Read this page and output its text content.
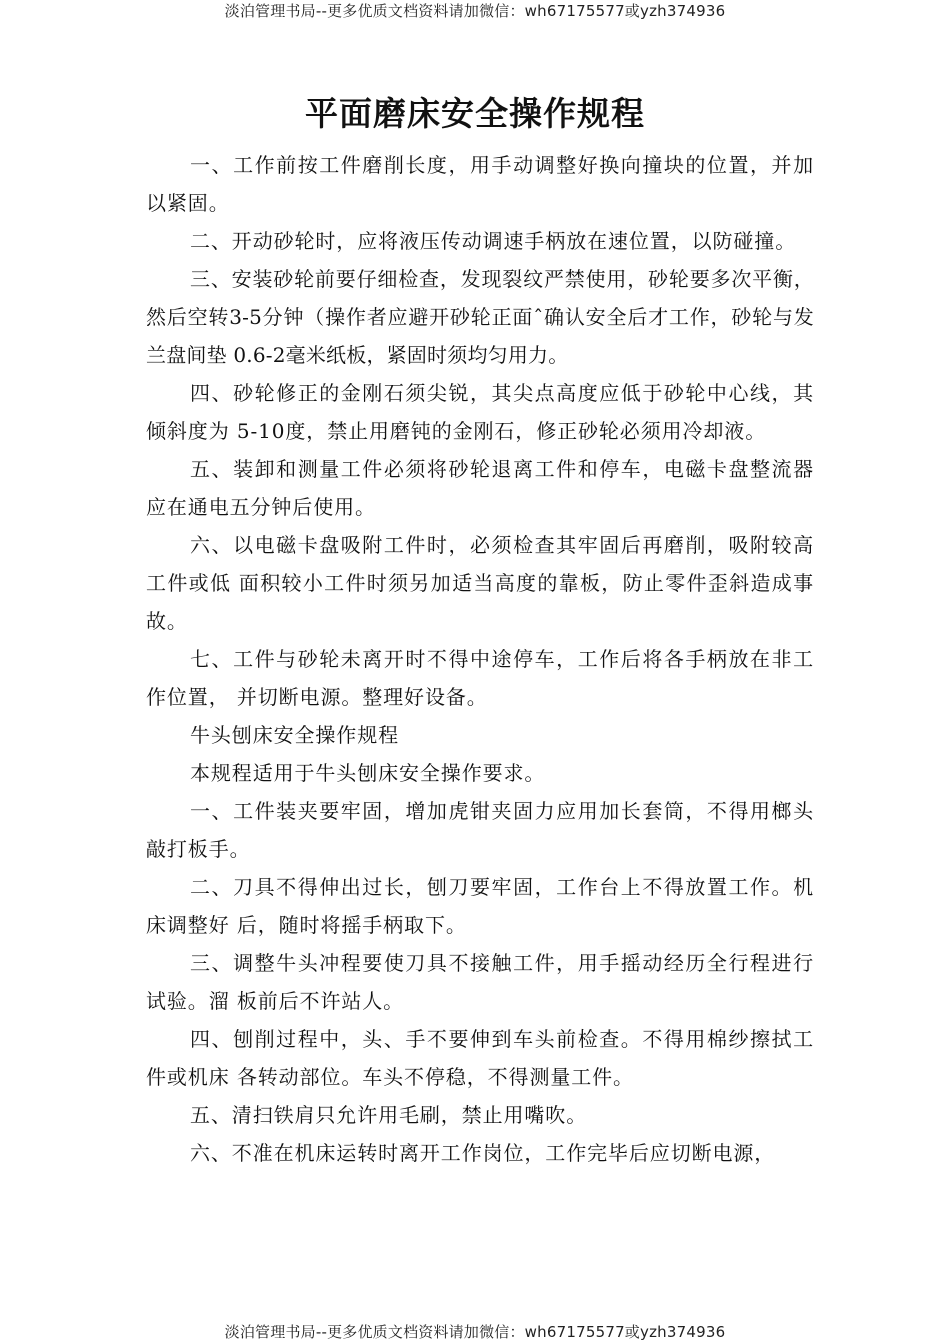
淡泊管理书局--更多优质文档资料请加微信：wh67175577或yzh374936
平面磨床安全操作规程

一、工作前按工件磨削长度，用手动调整好换向撞块的位置，并加以紧固。

二、开动砂轮时，应将液压传动调速手柄放在速位置，以防碰撞。

三、安装砂轮前要仔细检查，发现裂纹严禁使用，砂轮要多次平衡，然后空转3-5分钟（操作者应避开砂轮正面ˆ确认安全后才工作，砂轮与发兰盘间垫 0.6-2毫米纸板，紧固时须均匀用力。

四、砂轮修正的金刚石须尖锐，其尖点高度应低于砂轮中心线，其倾斜度为 5-10度，禁止用磨钝的金刚石，修正砂轮必须用冷却液。

五、装卸和测量工件必须将砂轮退离工件和停车，电磁卡盘整流器应在通电五分钟后使用。

六、以电磁卡盘吸附工件时，必须检查其牢固后再磨削，吸附较高工件或低 面积较小工件时须另加适当高度的靠板，防止零件歪斜造成事故。

七、工件与砂轮未离开时不得中途停车，工作后将各手柄放在非工作位置， 并切断电源。整理好设备。

牛头刨床安全操作规程

本规程适用于牛头刨床安全操作要求。

一、工件装夹要牢固，增加虎钳夹固力应用加长套筒，不得用榔头敲打板手。

二、刀具不得伸出过长，刨刀要牢固，工作台上不得放置工作。机床调整好 后，随时将摇手柄取下。

三、调整牛头冲程要使刀具不接触工件，用手摇动经历全行程进行试验。溜 板前后不许站人。

四、刨削过程中，头、手不要伸到车头前检查。不得用棉纱擦拭工件或机床 各转动部位。车头不停稳，不得测量工件。

五、清扫铁肩只允许用毛刷，禁止用嘴吹。

六、不准在机床运转时离开工作岗位，工作完毕后应切断电源，

淡泊管理书局--更多优质文档资料请加微信：wh67175577或yzh374936
